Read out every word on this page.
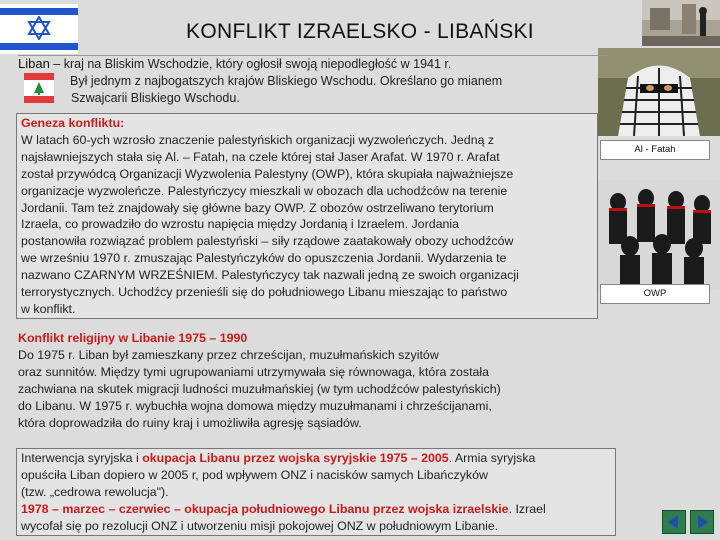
KONFLIKT IZRAELSKO - LIBAŃSKI
Al - Fatah
OWP
Liban – kraj na Bliskim Wschodzie, który ogłosił swoją niepodległość w 1941 r.
Był jednym z najbogatszych krajów Bliskiego Wschodu. Określano go mianem
Szwajcarii Bliskiego Wschodu.
Geneza konfliktu:
W latach 60-ych wzrosło znaczenie palestyńskich organizacji wyzwoleńczych. Jedną z
najsławniejszych stała się Al. – Fatah, na czele której stał Jaser Arafat. W 1970 r. Arafat
został przywódcą Organizacji Wyzwolenia Palestyny (OWP), która skupiała najważniejsze
organizacje wyzwoleńcze. Palestyńczycy mieszkali w obozach dla uchodźców na terenie
Jordanii. Tam też znajdowały się główne bazy OWP. Z obozów ostrzeliwano terytorium
Izraela, co prowadziło do wzrostu napięcia między Jordanią i Izraelem. Jordania
postanowiła rozwiązać problem palestyński – siły rządowe zaatakowały obozy uchodźców
we wrześniu 1970 r. zmuszając Palestyńczyków do opuszczenia Jordanii. Wydarzenia te
nazwano CZARNYM WRZEŚNIEM. Palestyńczycy tak nazwali jedną ze swoich organizacji
terrorystycznych. Uchodźcy przenieśli się do południowego Libanu mieszając to państwo
w konflikt.
Konflikt religijny w Libanie 1975 – 1990
Do 1975 r. Liban był zamieszkany przez chrześcijan, muzułmańskich szyitów
oraz sunnitów. Między tymi ugrupowaniami utrzymywała się równowaga, która została
zachwiana na skutek migracji ludności muzułmańskiej (w tym uchodźców palestyńskich)
do Libanu. W 1975 r. wybuchła wojna domowa między muzułmanami i chrześcijanami,
która doprowadziła do ruiny kraj i umożliwiła agresję sąsiadów.
Interwencja syryjska i okupacja Libanu przez wojska syryjskie 1975 – 2005. Armia syryjska
opuściła Liban dopiero w 2005 r, pod wpływem ONZ i nacisków samych Libańczyków
(tzw. „cedrowa rewolucja").
1978 – marzec – czerwiec – okupacja południowego Libanu przez wojska izraelskie. Izrael
wycofał się po rezolucji ONZ i utworzeniu misji pokojowej ONZ w południowym Libanie.
